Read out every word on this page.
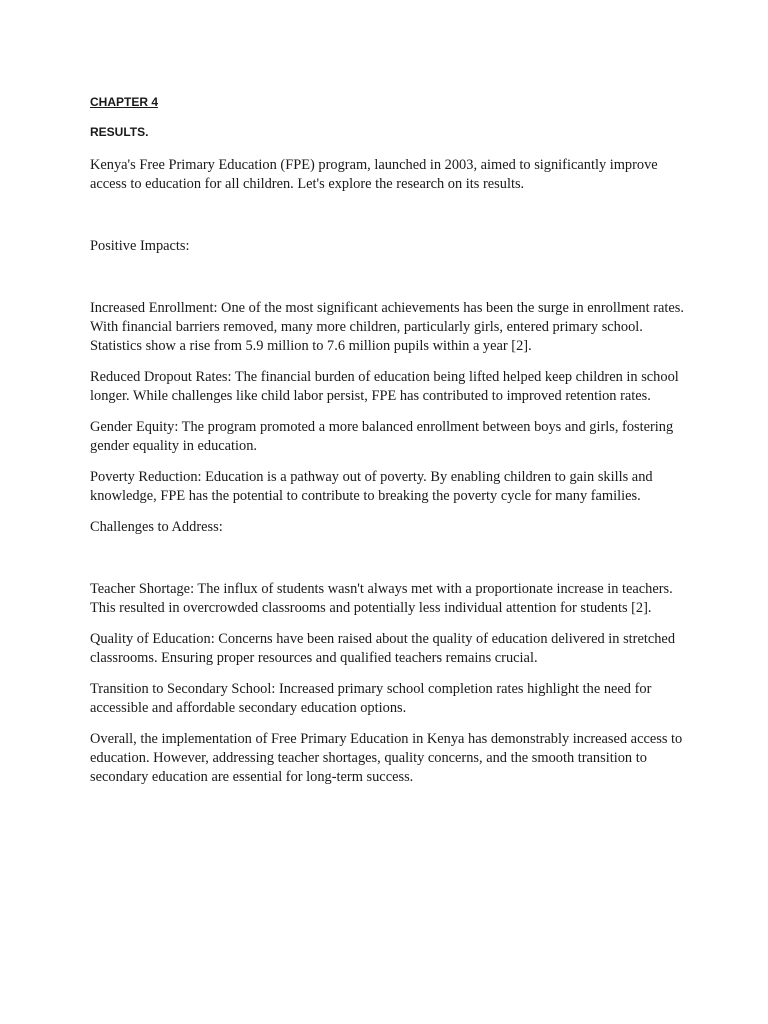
CHAPTER 4
RESULTS.

Kenya's Free Primary Education (FPE) program, launched in 2003, aimed to significantly improve access to education for all children. Let's explore the research on its results.

Positive Impacts:

Increased Enrollment: One of the most significant achievements has been the surge in enrollment rates. With financial barriers removed, many more children, particularly girls, entered primary school. Statistics show a rise from 5.9 million to 7.6 million pupils within a year [2].

Reduced Dropout Rates: The financial burden of education being lifted helped keep children in school longer. While challenges like child labor persist, FPE has contributed to improved retention rates.

Gender Equity: The program promoted a more balanced enrollment between boys and girls, fostering gender equality in education.

Poverty Reduction: Education is a pathway out of poverty. By enabling children to gain skills and knowledge, FPE has the potential to contribute to breaking the poverty cycle for many families.

Challenges to Address:

Teacher Shortage: The influx of students wasn't always met with a proportionate increase in teachers. This resulted in overcrowded classrooms and potentially less individual attention for students [2].

Quality of Education: Concerns have been raised about the quality of education delivered in stretched classrooms. Ensuring proper resources and qualified teachers remains crucial.

Transition to Secondary School: Increased primary school completion rates highlight the need for accessible and affordable secondary education options.

Overall, the implementation of Free Primary Education in Kenya has demonstrably increased access to education. However, addressing teacher shortages, quality concerns, and the smooth transition to secondary education are essential for long-term success.
